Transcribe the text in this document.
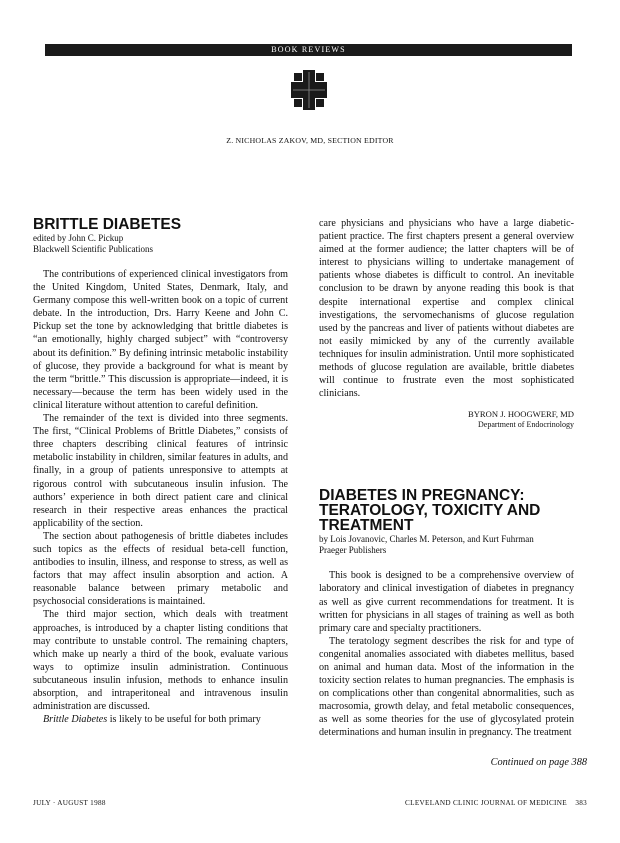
BOOK REVIEWS
Z. NICHOLAS ZAKOV, MD, SECTION EDITOR
BRITTLE DIABETES
edited by John C. Pickup
Blackwell Scientific Publications

The contributions of experienced clinical investigators from the United Kingdom, United States, Denmark, Italy, and Germany compose this well-written book on a topic of current debate. In the introduction, Drs. Harry Keene and John C. Pickup set the tone by acknowledging that brittle diabetes is “an emotionally, highly charged subject” with “controversy about its definition.” By defining intrinsic metabolic instability of glucose, they provide a background for what is meant by the term “brittle.” This discussion is appropriate—indeed, it is necessary—because the term has been widely used in the clinical literature without attention to careful definition.

The remainder of the text is divided into three segments. The first, “Clinical Problems of Brittle Diabetes,” consists of three chapters describing clinical features of intrinsic metabolic instability in children, similar features in adults, and finally, in a group of patients unresponsive to attempts at rigorous control with subcutaneous insulin infusion. The authors’ experience in both direct patient care and clinical research in their respective areas enhances the practical applicability of the section.

The section about pathogenesis of brittle diabetes includes such topics as the effects of residual beta-cell function, antibodies to insulin, illness, and response to stress, as well as factors that may affect insulin absorption and action. A reasonable balance between primary metabolic and psychosocial considerations is maintained.

The third major section, which deals with treatment approaches, is introduced by a chapter listing conditions that may contribute to unstable control. The remaining chapters, which make up nearly a third of the book, evaluate various ways to optimize insulin administration. Continuous subcutaneous insulin infusion, methods to enhance insulin absorption, and intraperitoneal and intravenous insulin administration are discussed.

Brittle Diabetes is likely to be useful for both primary

care physicians and physicians who have a large diabetic-patient practice. The first chapters present a general overview aimed at the former audience; the latter chapters will be of interest to physicians willing to undertake management of patients whose diabetes is difficult to control. An inevitable conclusion to be drawn by anyone reading this book is that despite international expertise and complex clinical investigations, the servomechanisms of glucose regulation used by the pancreas and liver of patients without diabetes are not easily mimicked by any of the currently available techniques for insulin administration. Until more sophisticated methods of glucose regulation are available, brittle diabetes will continue to frustrate even the most sophisticated clinicians.

BYRON J. HOOGWERF, MD
Department of Endocrinology
DIABETES IN PREGNANCY:
TERATOLOGY, TOXICITY AND
TREATMENT
by Lois Jovanovic, Charles M. Peterson, and Kurt Fuhrman
Praeger Publishers

This book is designed to be a comprehensive overview of laboratory and clinical investigation of diabetes in pregnancy as well as give current recommendations for treatment. It is written for physicians in all stages of training as well as both primary care and specialty practitioners.

The teratology segment describes the risk for and type of congenital anomalies associated with diabetes mellitus, based on animal and human data. Most of the information in the toxicity section relates to human pregnancies. The emphasis is on complications other than congenital abnormalities, such as macrosomia, growth delay, and fetal metabolic consequences, as well as some theories for the use of glycosylated protein determinations and human insulin in pregnancy. The treatment

Continued on page 388
JULY · AUGUST 1988	CLEVELAND CLINIC JOURNAL OF MEDICINE 383
